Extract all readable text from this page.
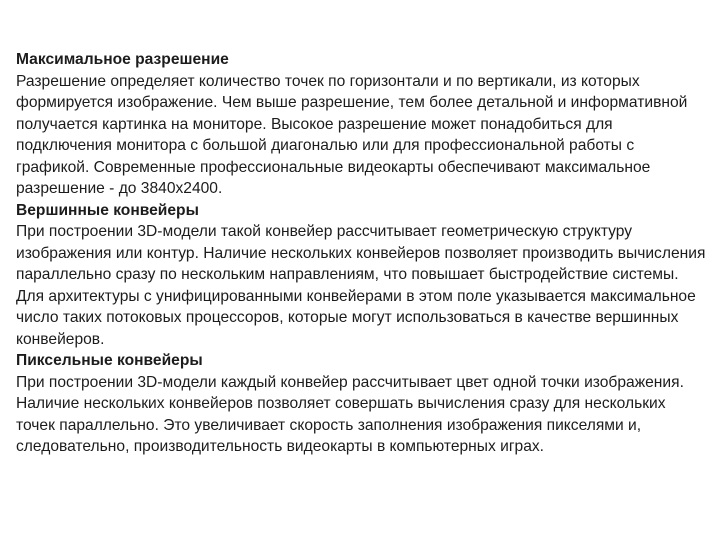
Максимальное разрешение

Разрешение определяет количество точек по горизонтали и по вертикали, из которых формируется изображение. Чем выше разрешение, тем более детальной и информативной получается картинка на мониторе. Высокое разрешение может понадобиться для подключения монитора с большой диагональю или для профессиональной работы с графикой. Современные профессиональные видеокарты обеспечивают максимальное разрешение - до 3840x2400.

Вершинные конвейеры

При построении 3D-модели такой конвейер рассчитывает геометрическую структуру изображения или контур. Наличие нескольких конвейеров позволяет производить вычисления параллельно сразу по нескольким направлениям, что повышает быстродействие системы. Для архитектуры с унифицированными конвейерами в этом поле указывается максимальное число таких потоковых процессоров, которые могут использоваться в качестве вершинных конвейеров.

Пиксельные конвейеры

При построении 3D-модели каждый конвейер рассчитывает цвет одной точки изображения. Наличие нескольких конвейеров позволяет совершать вычисления сразу для нескольких точек параллельно. Это увеличивает скорость заполнения изображения пикселями и, следовательно, производительность видеокарты в компьютерных играх.
